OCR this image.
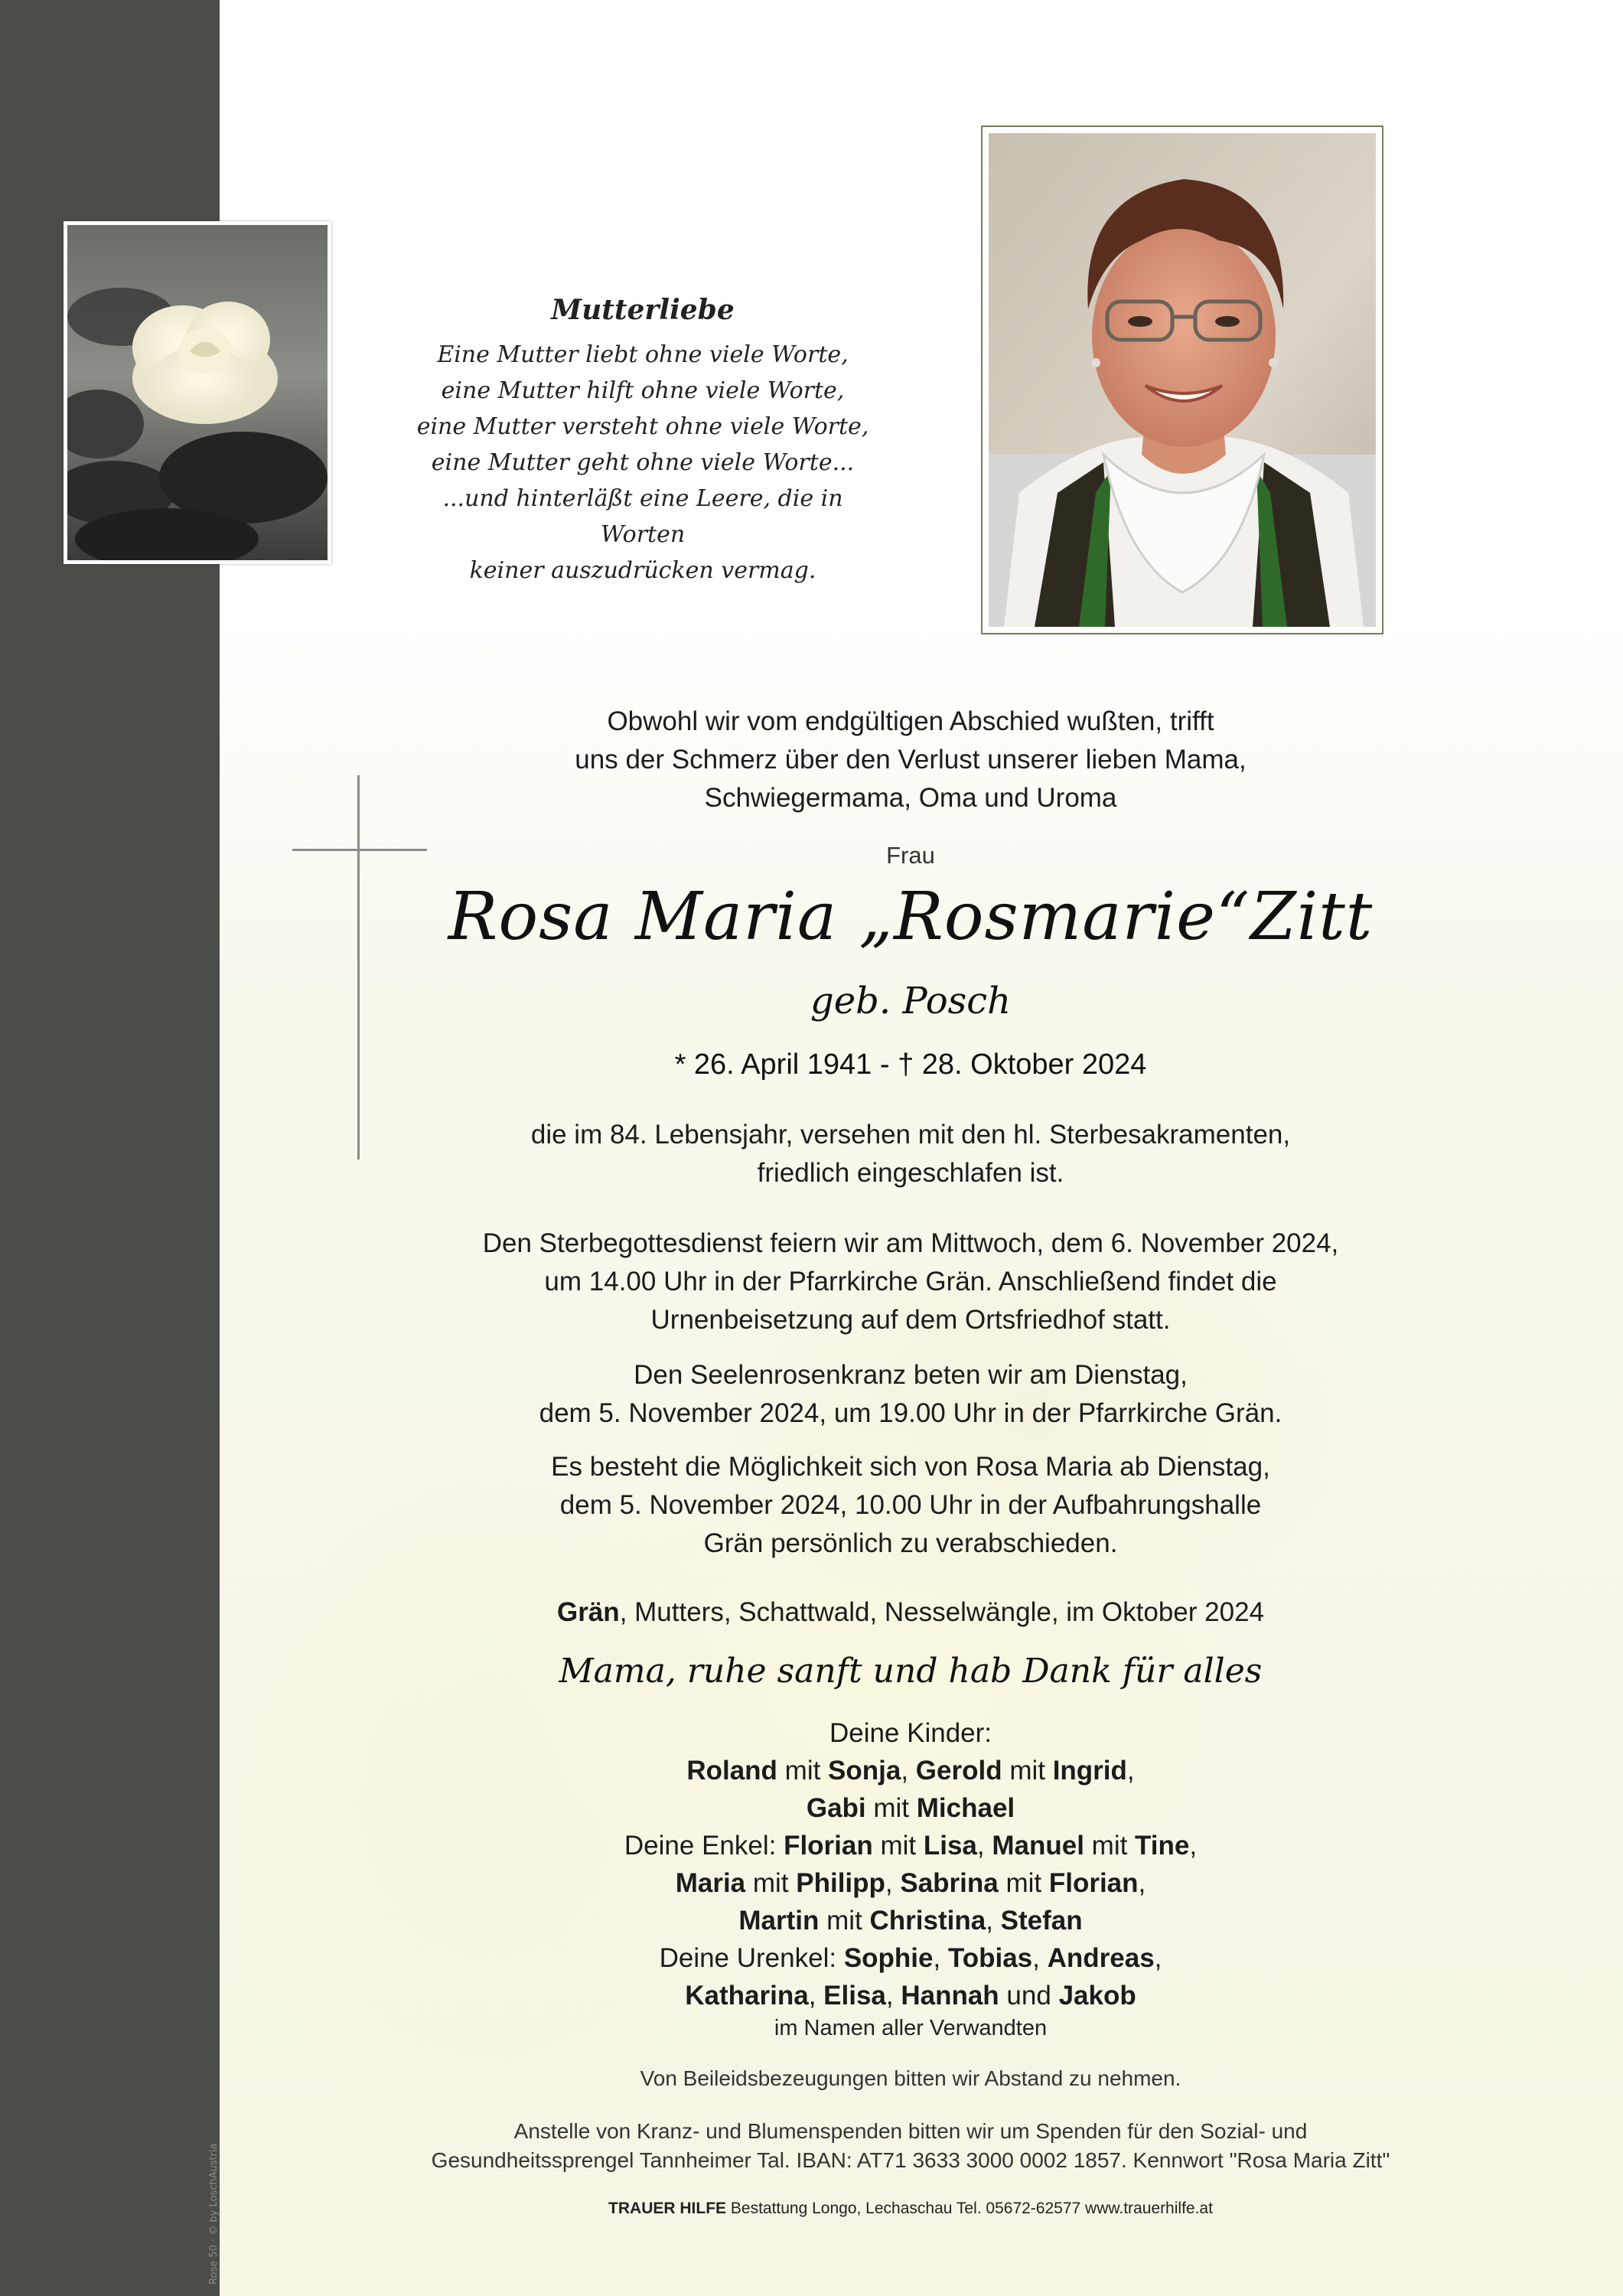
Rose 50 · © by LoschAustria
Mutterliebe
Eine Mutter liebt ohne viele Worte,
eine Mutter hilft ohne viele Worte,
eine Mutter versteht ohne viele Worte,
eine Mutter geht ohne viele Worte...
...und hinterläßt eine Leere, die in Worten
keiner auszudrücken vermag.
Obwohl wir vom endgültigen Abschied wußten, trifft
uns der Schmerz über den Verlust unserer lieben Mama,
Schwiegermama, Oma und Uroma
Frau
Rosa Maria „Rosmarie“Zitt
geb. Posch
* 26. April 1941 - † 28. Oktober 2024
die im 84. Lebensjahr, versehen mit den hl. Sterbesakramenten,
friedlich eingeschlafen ist.
Den Sterbegottesdienst feiern wir am Mittwoch, dem 6. November 2024,
um 14.00 Uhr in der Pfarrkirche Grän. Anschließend findet die
Urnenbeisetzung auf dem Ortsfriedhof statt.
Den Seelenrosenkranz beten wir am Dienstag,
dem 5. November 2024, um 19.00 Uhr in der Pfarrkirche Grän.
Es besteht die Möglichkeit sich von Rosa Maria ab Dienstag,
dem 5. November 2024, 10.00 Uhr in der Aufbahrungshalle
Grän persönlich zu verabschieden.
Grän, Mutters, Schattwald, Nesselwängle, im Oktober 2024
Mama, ruhe sanft und hab Dank für alles
Deine Kinder:
Roland mit Sonja, Gerold mit Ingrid,
Gabi mit Michael
Deine Enkel: Florian mit Lisa, Manuel mit Tine,
Maria mit Philipp, Sabrina mit Florian,
Martin mit Christina, Stefan
Deine Urenkel: Sophie, Tobias, Andreas,
Katharina, Elisa, Hannah und Jakob
im Namen aller Verwandten
Von Beileidsbezeugungen bitten wir Abstand zu nehmen.
Anstelle von Kranz- und Blumenspenden bitten wir um Spenden für den Sozial- und
Gesundheitssprengel Tannheimer Tal. IBAN: AT71 3633 3000 0002 1857. Kennwort "Rosa Maria Zitt"
TRAUER HILFE Bestattung Longo, Lechaschau Tel. 05672-62577 www.trauerhilfe.at
